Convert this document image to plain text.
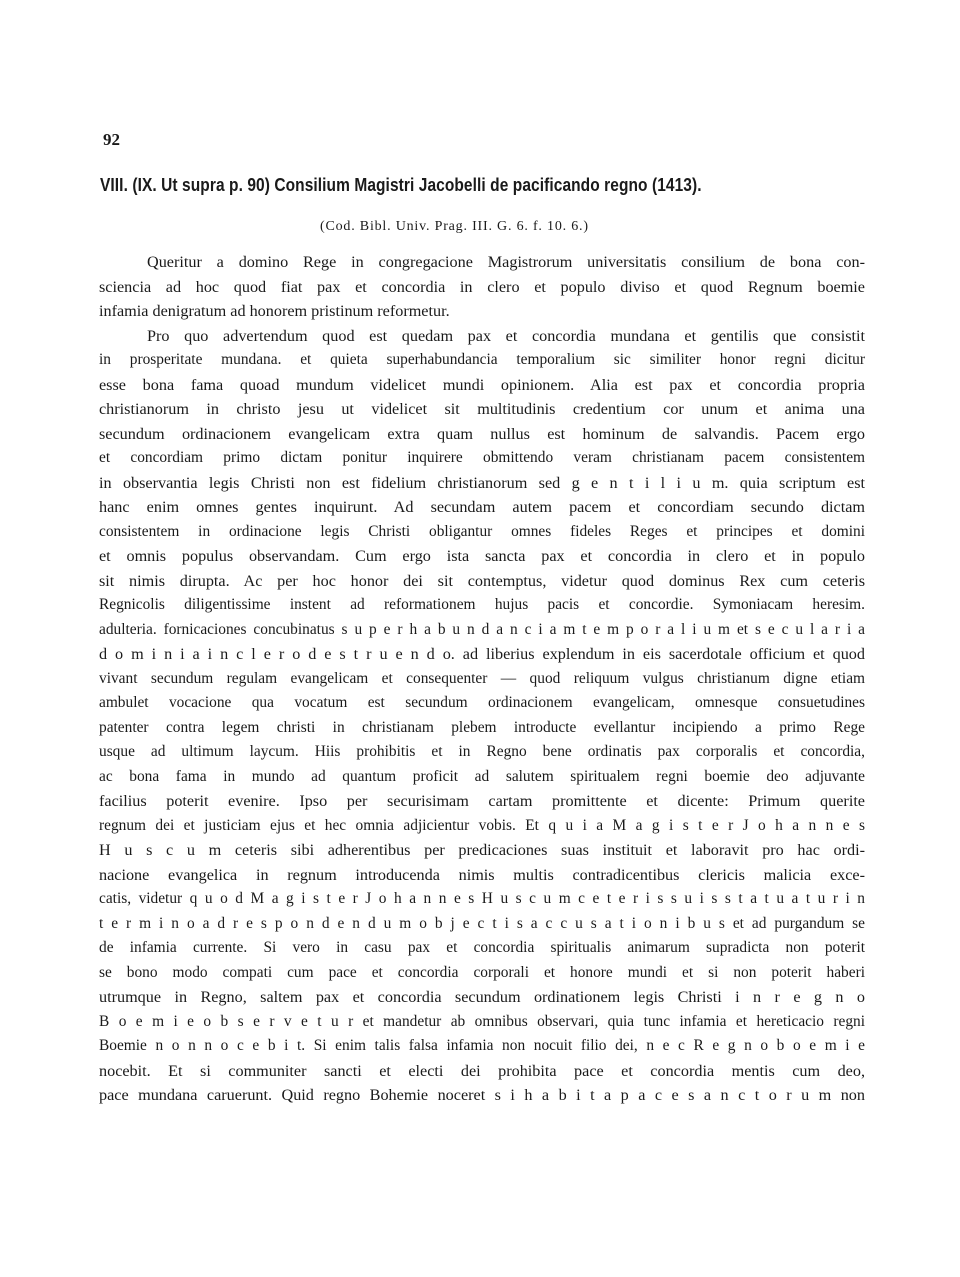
92
VIII. (IX. Ut supra p. 90) Consilium Magistri Jacobelli de pacificando regno (1413).
(Cod. Bibl. Univ. Prag. III. G. 6. f. 10. 6.)
Queritur a domino Rege in congregacione Magistrorum universitatis consilium de bona con-
sciencia ad hoc quod fiat pax et concordia in clero et populo diviso et quod Regnum boemie
infamia denigratum ad honorem pristinum reformetur.
Pro quo advertendum quod est quedam pax et concordia mundana et gentilis que consistit
in prosperitate mundana. et quieta superhabundancia temporalium sic similiter honor regni dicitur
esse bona fama quoad mundum videlicet mundi opinionem. Alia est pax et concordia propria
christianorum in christo jesu ut videlicet sit multitudinis credentium cor unum et anima una
secundum ordinacionem evangelicam extra quam nullus est hominum de salvandis. Pacem ergo
et concordiam primo dictam ponitur inquirere obmittendo veram christianam pacem consistentem
in observantia legis Christi non est fidelium christianorum sed g e n t i l i u m. quia scriptum est
hanc enim omnes gentes inquirunt. Ad secundam autem pacem et concordiam secundo dictam
consistentem in ordinacione legis Christi obligantur omnes fideles Reges et principes et domini
et omnis populus observandam. Cum ergo ista sancta pax et concordia in clero et in populo
sit nimis dirupta. Ac per hoc honor dei sit contemptus, videtur quod dominus Rex cum ceteris
Regnicolis diligentissime instent ad reformationem hujus pacis et concordie. Symoniacam heresim.
adulteria. fornicaciones concubinatus s u p e r h a b u n d a n c i a m t e m p o r a l i u m et s e c u l a r i a
d o m i n i a i n c l e r o d e s t r u e n d o. ad liberius explendum in eis sacerdotale officium et quod
vivant secundum regulam evangelicam et consequenter — quod reliquum vulgus christianum digne etiam
ambulet vocacione qua vocatum est secundum ordinacionem evangelicam, omnesque consuetudines
patenter contra legem christi in christianam plebem introducte evellantur incipiendo a primo Rege
usque ad ultimum laycum. Hiis prohibitis et in Regno bene ordinatis pax corporalis et concordia,
ac bona fama in mundo ad quantum proficit ad salutem spiritualem regni boemie deo adjuvante
facilius poterit evenire. Ipso per securisimam cartam promittente et dicente: Primum querite
regnum dei et justiciam ejus et hec omnia adjicientur vobis. Et q u i a M a g i s t e r J o h a n n e s
H u s c u m ceteris sibi adherentibus per predicaciones suas instituit et laboravit pro hac ordi-
nacione evangelica in regnum introducenda nimis multis contradicentibus clericis malicia exce-
catis, videtur q u o d M a g i s t e r J o h a n n e s H u s c u m c e t e r i s s u i s s t a t u a t u r i n
t e r m i n o a d r e s p o n d e n d u m o b j e c t i s a c c u s a t i o n i b u s et ad purgandum se
de infamia currente. Si vero in casu pax et concordia spiritualis animarum supradicta non poterit
se bono modo compati cum pace et concordia corporali et honore mundi et si non poterit haberi
utrumque in Regno, saltem pax et concordia secundum ordinationem legis Christi i n r e g n o
B o e m i e o b s e r v e t u r et mandetur ab omnibus observari, quia tunc infamia et hereticacio regni
Boemie n o n n o c e b i t. Si enim talis falsa infamia non nocuit filio dei, n e c R e g n o b o e m i e
nocebit. Et si communiter sancti et electi dei prohibita pace et concordia mentis cum deo,
pace mundana caruerunt. Quid regno Bohemie noceret s i h a b i t a p a c e s a n c t o r u m non
